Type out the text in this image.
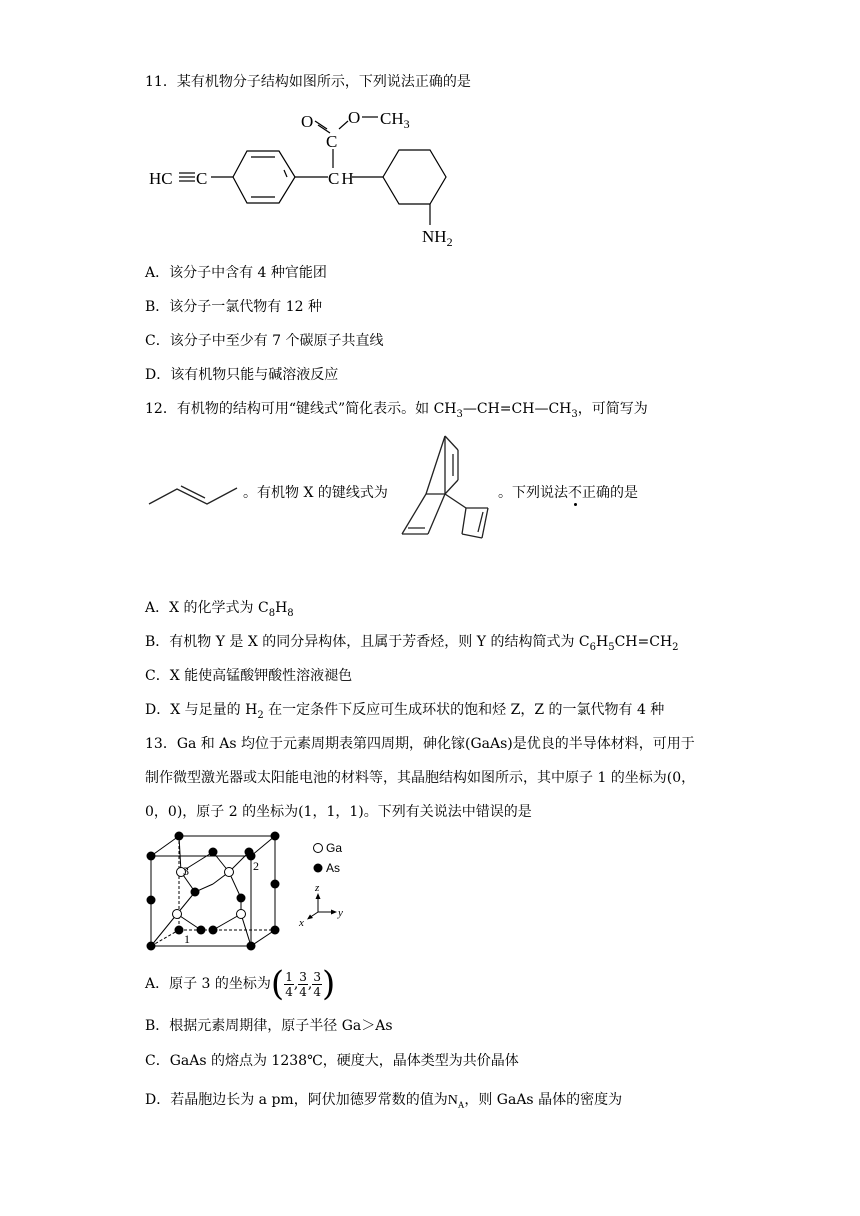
11．某有机物分子结构如图所示，下列说法正确的是
O
C
O $CH_3$
HC C	C H
$NH_2$
A．该分子中含有 4 种官能团
B．该分子一氯代物有 12 种
C．该分子中至少有 7 个碳原子共直线
D．该有机物只能与碱溶液反应
12．有机物的结构可用“键线式”简化表示。如 $CH_3—CH=CH—CH_3$，可简写为
。有机物 X 的键线式为	。下列说法不正确的是
A．X 的化学式为 $C_8H_8$
B．有机物 Y 是 X 的同分异构体，且属于芳香烃，则 Y 的结构简式为 $C_6H_5CH=CH_2$
C．X 能使高锰酸钾酸性溶液褪色
D．X 与足量的 $H_2$ 在一定条件下反应可生成环状的饱和烃 Z，Z 的一氯代物有 4 种
13．Ga 和 As 均位于元素周期表第四周期，砷化镓(GaAs)是优良的半导体材料，可用于
制作微型激光器或太阳能电池的材料等，其晶胞结构如图所示，其中原子 1 的坐标为(0，
0，0)，原子 2 的坐标为(1，1，1)。下列有关说法中错误的是
1
2
3
Ga
As
z
y
x
A．原子 3 的坐标为( $\frac{1}{4}$ , $\frac{3}{4}$ , $\frac{3}{4}$ )
B．根据元素周期律，原子半径 Ga＞As
C．GaAs 的熔点为 1238℃，硬度大，晶体类型为共价晶体
D．若晶胞边长为 a pm，阿伏加德罗常数的值为$N_A$，则 GaAs 晶体的密度为
